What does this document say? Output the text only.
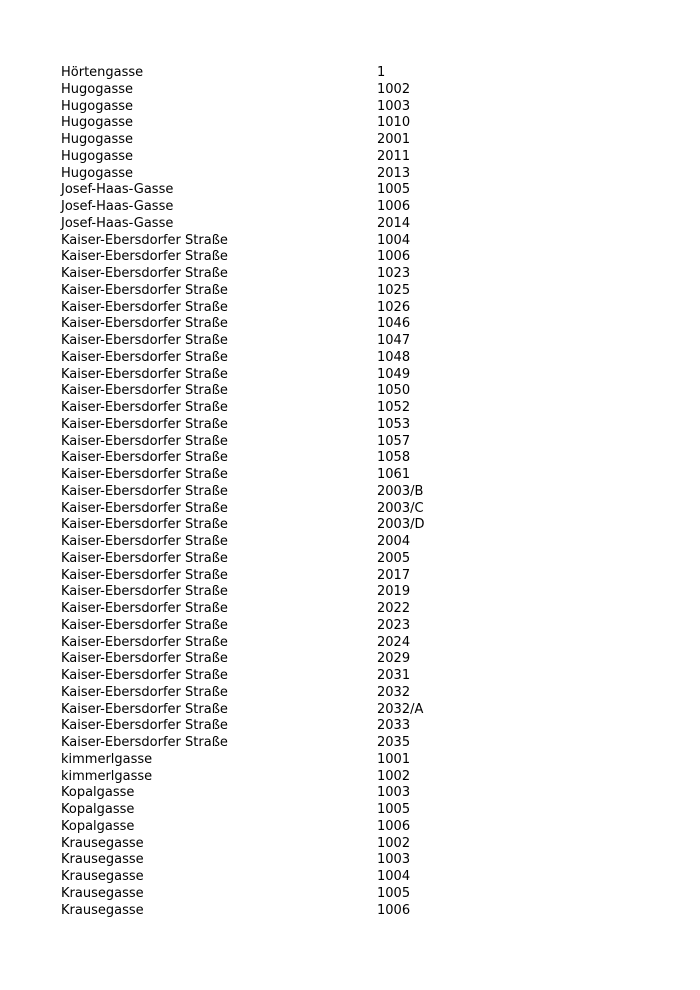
Hörtengasse	1
Hugogasse	1002
Hugogasse	1003
Hugogasse	1010
Hugogasse	2001
Hugogasse	2011
Hugogasse	2013
Josef-Haas-Gasse	1005
Josef-Haas-Gasse	1006
Josef-Haas-Gasse	2014
Kaiser-Ebersdorfer Straße	1004
Kaiser-Ebersdorfer Straße	1006
Kaiser-Ebersdorfer Straße	1023
Kaiser-Ebersdorfer Straße	1025
Kaiser-Ebersdorfer Straße	1026
Kaiser-Ebersdorfer Straße	1046
Kaiser-Ebersdorfer Straße	1047
Kaiser-Ebersdorfer Straße	1048
Kaiser-Ebersdorfer Straße	1049
Kaiser-Ebersdorfer Straße	1050
Kaiser-Ebersdorfer Straße	1052
Kaiser-Ebersdorfer Straße	1053
Kaiser-Ebersdorfer Straße	1057
Kaiser-Ebersdorfer Straße	1058
Kaiser-Ebersdorfer Straße	1061
Kaiser-Ebersdorfer Straße	2003/B
Kaiser-Ebersdorfer Straße	2003/C
Kaiser-Ebersdorfer Straße	2003/D
Kaiser-Ebersdorfer Straße	2004
Kaiser-Ebersdorfer Straße	2005
Kaiser-Ebersdorfer Straße	2017
Kaiser-Ebersdorfer Straße	2019
Kaiser-Ebersdorfer Straße	2022
Kaiser-Ebersdorfer Straße	2023
Kaiser-Ebersdorfer Straße	2024
Kaiser-Ebersdorfer Straße	2029
Kaiser-Ebersdorfer Straße	2031
Kaiser-Ebersdorfer Straße	2032
Kaiser-Ebersdorfer Straße	2032/A
Kaiser-Ebersdorfer Straße	2033
Kaiser-Ebersdorfer Straße	2035
kimmerlgasse	1001
kimmerlgasse	1002
Kopalgasse	1003
Kopalgasse	1005
Kopalgasse	1006
Krausegasse	1002
Krausegasse	1003
Krausegasse	1004
Krausegasse	1005
Krausegasse	1006
